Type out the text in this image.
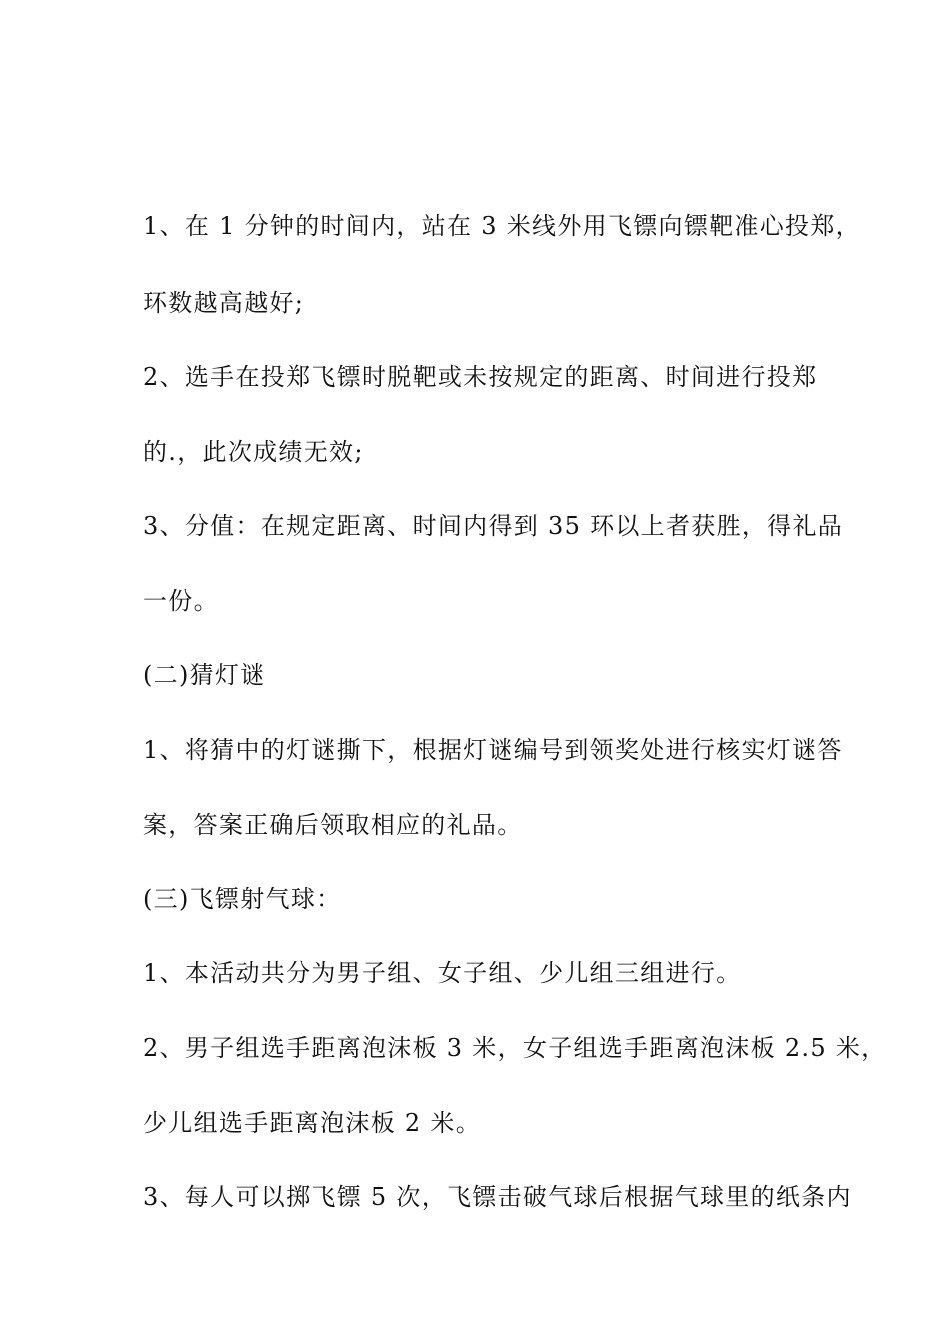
1、在 1 分钟的时间内，站在 3 米线外用飞镖向镖靶准心投郑，

环数越高越好;

2、选手在投郑飞镖时脱靶或未按规定的距离、时间进行投郑

的.，此次成绩无效;

3、分值：在规定距离、时间内得到 35 环以上者获胜，得礼品

一份。

(二)猜灯谜

1、将猜中的灯谜撕下，根据灯谜编号到领奖处进行核实灯谜答

案，答案正确后领取相应的礼品。

(三)飞镖射气球：

1、本活动共分为男子组、女子组、少儿组三组进行。

2、男子组选手距离泡沫板 3 米，女子组选手距离泡沫板 2.5 米，

少儿组选手距离泡沫板 2 米。

3、每人可以掷飞镖 5 次，飞镖击破气球后根据气球里的纸条内
